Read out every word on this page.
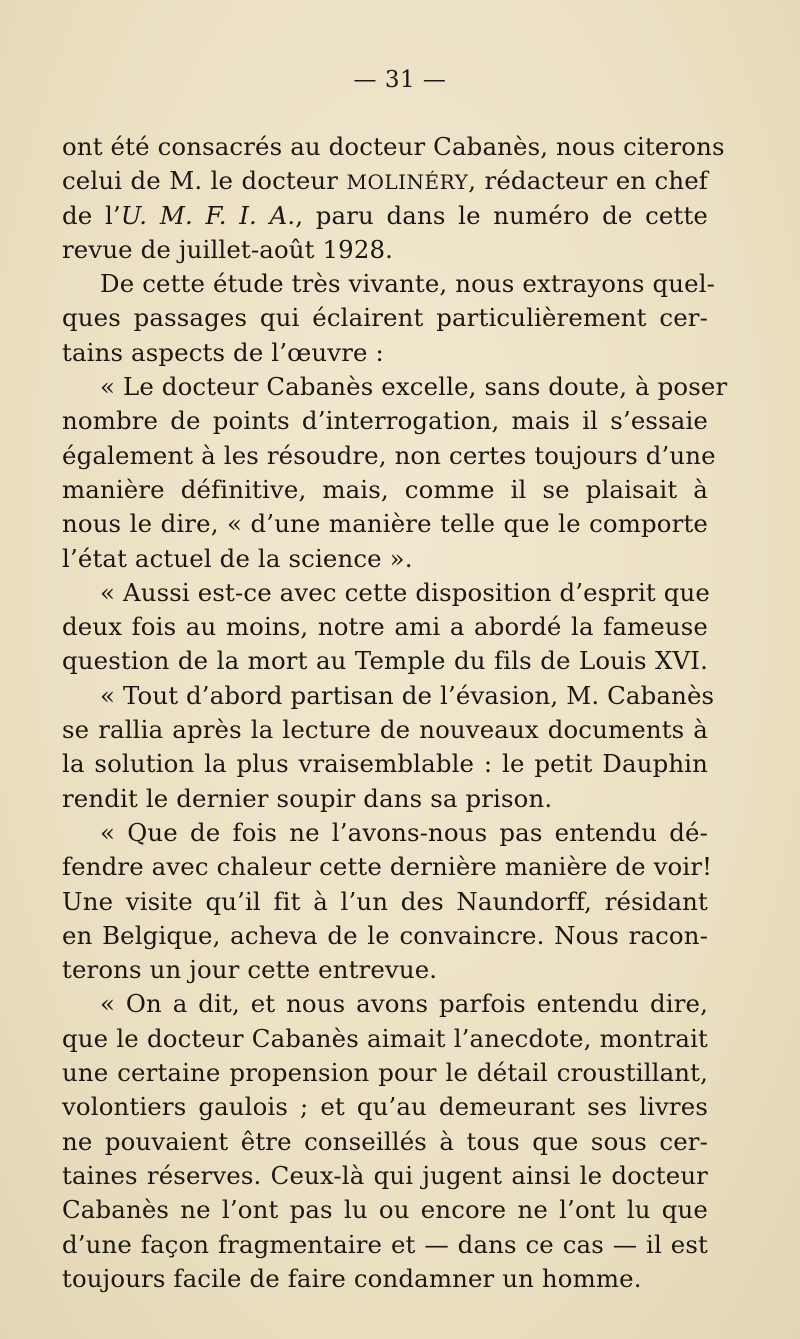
— 31 —
ont été consacrés au docteur Cabanès, nous citerons
celui de M. le docteur MOLINÉRY, rédacteur en chef
de l’U. M. F. I. A., paru dans le numéro de cette
revue de juillet-août 1928.
De cette étude très vivante, nous extrayons quel-
ques passages qui éclairent particulièrement cer-
tains aspects de l’œuvre :
« Le docteur Cabanès excelle, sans doute, à poser
nombre de points d’interrogation, mais il s’essaie
également à les résoudre, non certes toujours d’une
manière définitive, mais, comme il se plaisait à
nous le dire, « d’une manière telle que le comporte
l’état actuel de la science ».
« Aussi est-ce avec cette disposition d’esprit que
deux fois au moins, notre ami a abordé la fameuse
question de la mort au Temple du fils de Louis XVI.
« Tout d’abord partisan de l’évasion, M. Cabanès
se rallia après la lecture de nouveaux documents à
la solution la plus vraisemblable : le petit Dauphin
rendit le dernier soupir dans sa prison.
« Que de fois ne l’avons-nous pas entendu dé-
fendre avec chaleur cette dernière manière de voir!
Une visite qu’il fit à l’un des Naundorff, résidant
en Belgique, acheva de le convaincre. Nous racon-
terons un jour cette entrevue.
« On a dit, et nous avons parfois entendu dire,
que le docteur Cabanès aimait l’anecdote, montrait
une certaine propension pour le détail croustillant,
volontiers gaulois ; et qu’au demeurant ses livres
ne pouvaient être conseillés à tous que sous cer-
taines réserves. Ceux-là qui jugent ainsi le docteur
Cabanès ne l’ont pas lu ou encore ne l’ont lu que
d’une façon fragmentaire et — dans ce cas — il est
toujours facile de faire condamner un homme.
